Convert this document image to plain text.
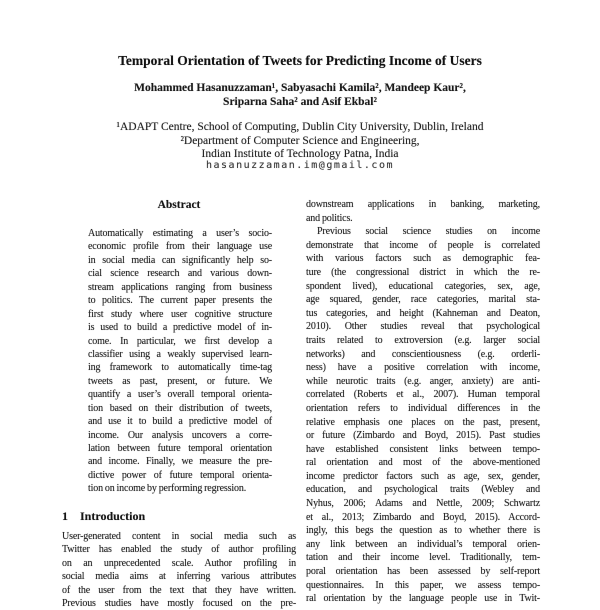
Temporal Orientation of Tweets for Predicting Income of Users
Mohammed Hasanuzzaman¹, Sabyasachi Kamila², Mandeep Kaur²,
Sriparna Saha² and Asif Ekbal²
¹ADAPT Centre, School of Computing, Dublin City University, Dublin, Ireland
²Department of Computer Science and Engineering,
Indian Institute of Technology Patna, India
hasanuzzaman.im@gmail.com
Abstract
Automatically estimating a user’s socio-
economic profile from their language use
in social media can significantly help so-
cial science research and various down-
stream applications ranging from business
to politics. The current paper presents the
first study where user cognitive structure
is used to build a predictive model of in-
come. In particular, we first develop a
classifier using a weakly supervised learn-
ing framework to automatically time-tag
tweets as past, present, or future. We
quantify a user’s overall temporal orienta-
tion based on their distribution of tweets,
and use it to build a predictive model of
income. Our analysis uncovers a corre-
lation between future temporal orientation
and income. Finally, we measure the pre-
dictive power of future temporal orienta-
tion on income by performing regression.
1 Introduction
User-generated content in social media such as
Twitter has enabled the study of author profiling
on an unprecedented scale. Author profiling in
social media aims at inferring various attributes
of the user from the text that they have written.
Previous studies have mostly focused on the pre-
downstream applications in banking, marketing,
and politics.
Previous social science studies on income
demonstrate that income of people is correlated
with various factors such as demographic fea-
ture (the congressional district in which the re-
spondent lived), educational categories, sex, age,
age squared, gender, race categories, marital sta-
tus categories, and height (Kahneman and Deaton,
2010). Other studies reveal that psychological
traits related to extroversion (e.g. larger social
networks) and conscientiousness (e.g. orderli-
ness) have a positive correlation with income,
while neurotic traits (e.g. anger, anxiety) are anti-
correlated (Roberts et al., 2007). Human temporal
orientation refers to individual differences in the
relative emphasis one places on the past, present,
or future (Zimbardo and Boyd, 2015). Past studies
have established consistent links between tempo-
ral orientation and most of the above-mentioned
income predictor factors such as age, sex, gender,
education, and psychological traits (Webley and
Nyhus, 2006; Adams and Nettle, 2009; Schwartz
et al., 2013; Zimbardo and Boyd, 2015). Accord-
ingly, this begs the question as to whether there is
any link between an individual’s temporal orien-
tation and their income level. Traditionally, tem-
poral orientation has been assessed by self-report
questionnaires. In this paper, we assess tempo-
ral orientation by the language people use in Twit-
